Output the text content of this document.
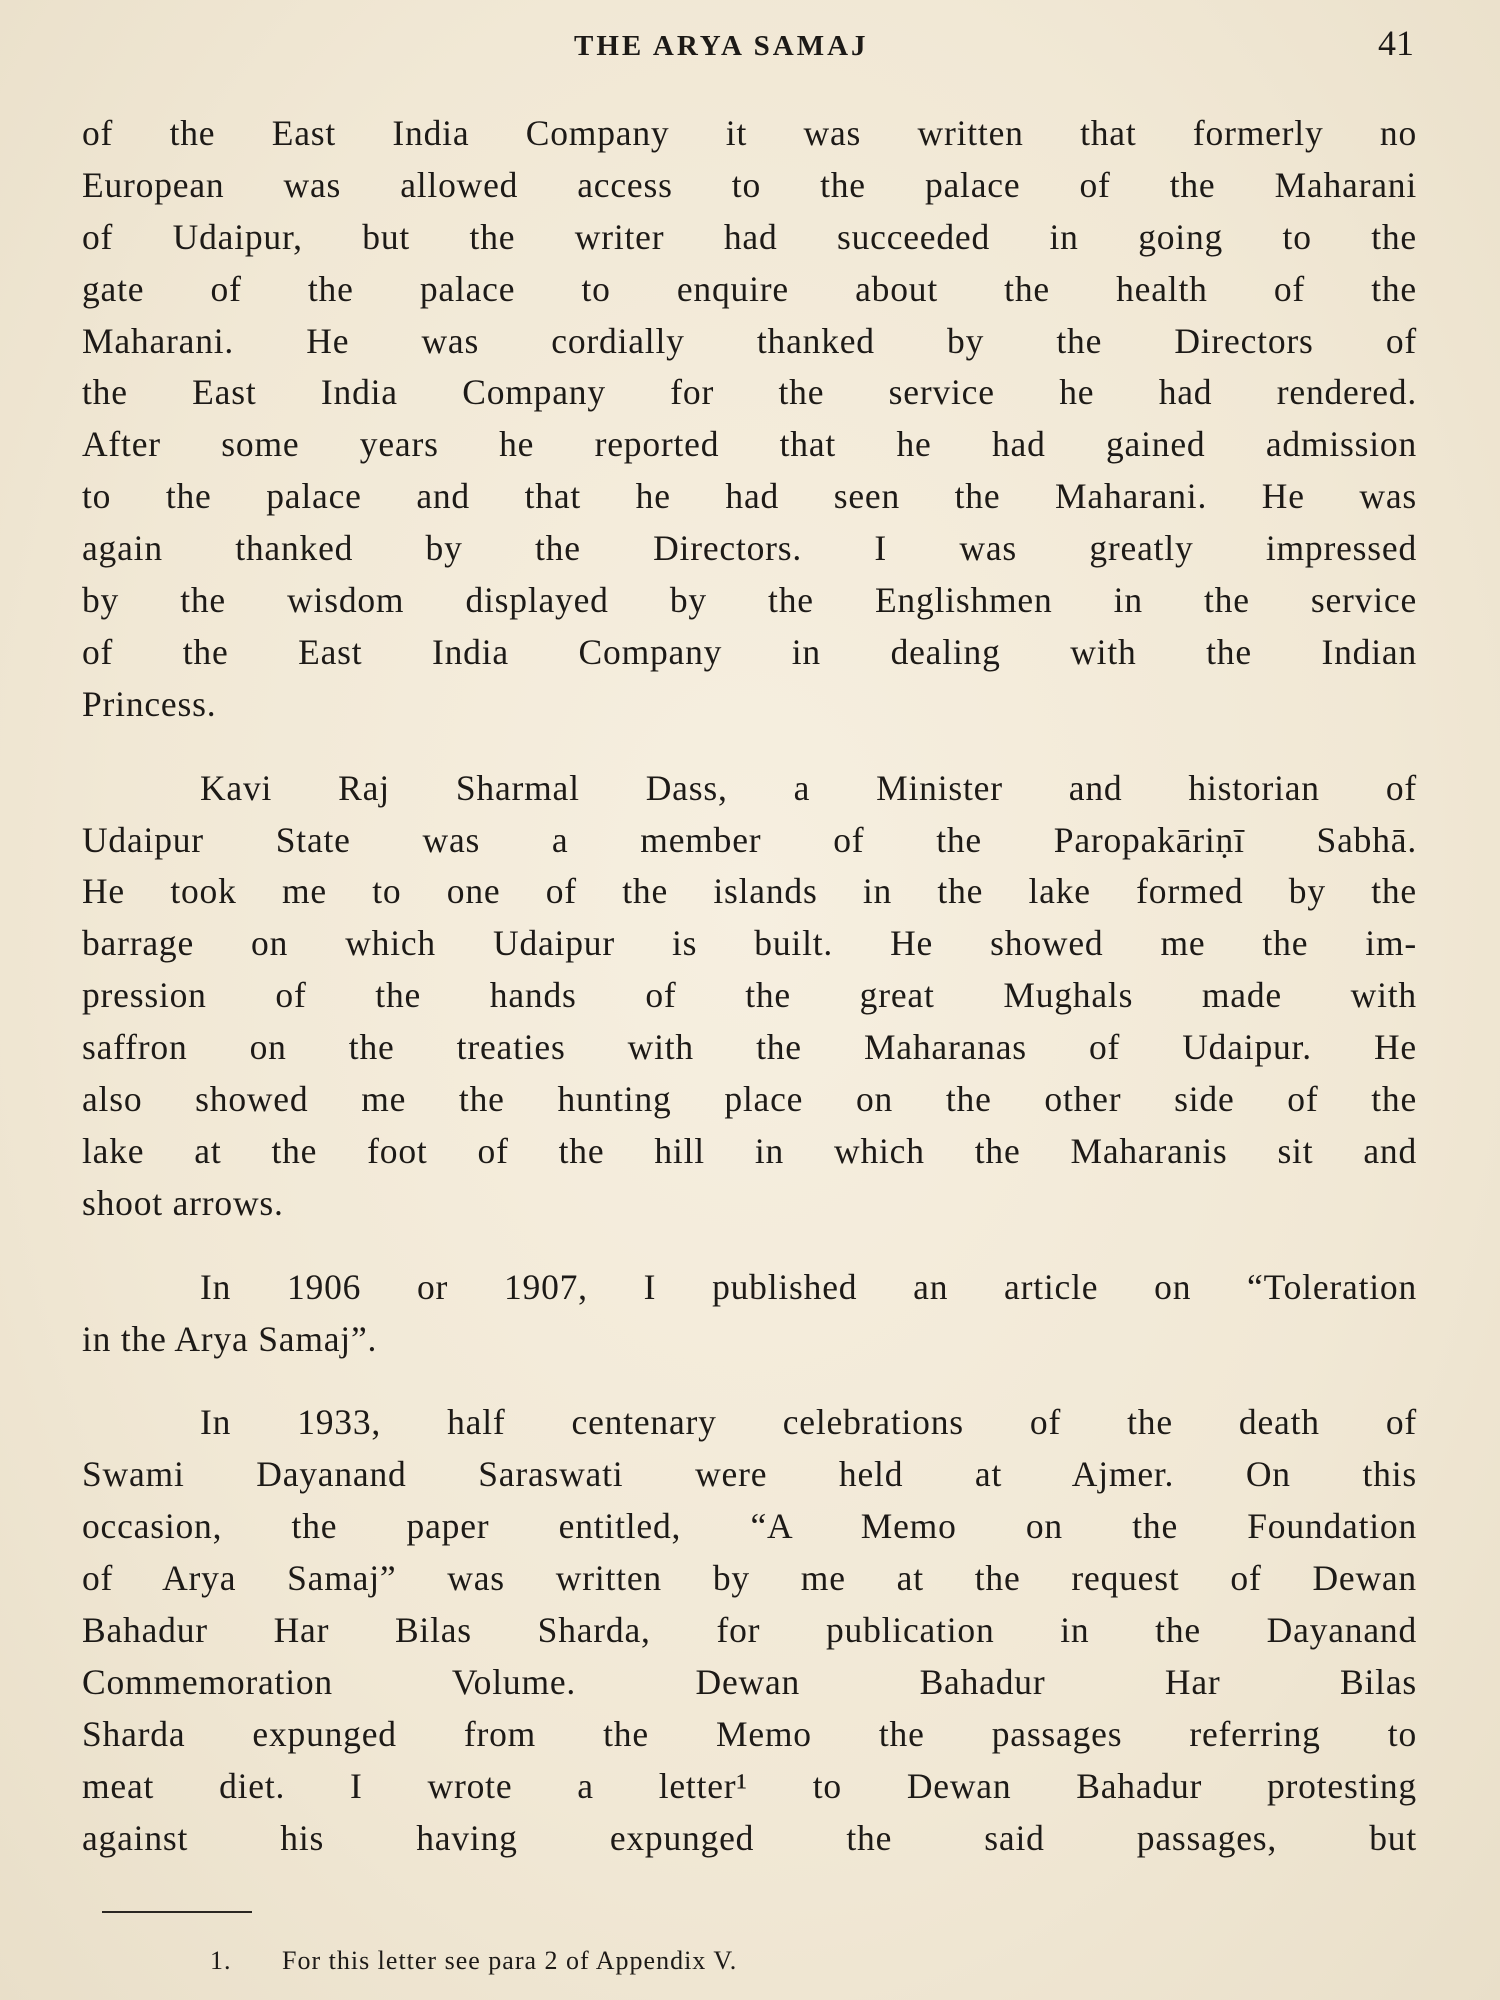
THE ARYA SAMAJ	41
of the East India Company it was written that formerly no
European was allowed access to the palace of the Maharani
of Udaipur, but the writer had succeeded in going to the
gate of the palace to enquire about the health of the
Maharani. He was cordially thanked by the Directors of
the East India Company for the service he had rendered.
After some years he reported that he had gained admission
to the palace and that he had seen the Maharani. He was
again thanked by the Directors. I was greatly impressed
by the wisdom displayed by the Englishmen in the service
of the East India Company in dealing with the Indian
Princess.
Kavi Raj Sharmal Dass, a Minister and historian of
Udaipur State was a member of the Paropakāriṇī Sabhā.
He took me to one of the islands in the lake formed by the
barrage on which Udaipur is built. He showed me the im-
pression of the hands of the great Mughals made with
saffron on the treaties with the Maharanas of Udaipur. He
also showed me the hunting place on the other side of the
lake at the foot of the hill in which the Maharanis sit and
shoot arrows.
In 1906 or 1907, I published an article on “Toleration
in the Arya Samaj”.
In 1933, half centenary celebrations of the death of
Swami Dayanand Saraswati were held at Ajmer. On this
occasion, the paper entitled, “A Memo on the Foundation
of Arya Samaj” was written by me at the request of Dewan
Bahadur Har Bilas Sharda, for publication in the Dayanand
Commemoration Volume. Dewan Bahadur Har Bilas
Sharda expunged from the Memo the passages referring to
meat diet. I wrote a letter¹ to Dewan Bahadur protesting
against his having expunged the said passages, but
1. For this letter see para 2 of Appendix V.
